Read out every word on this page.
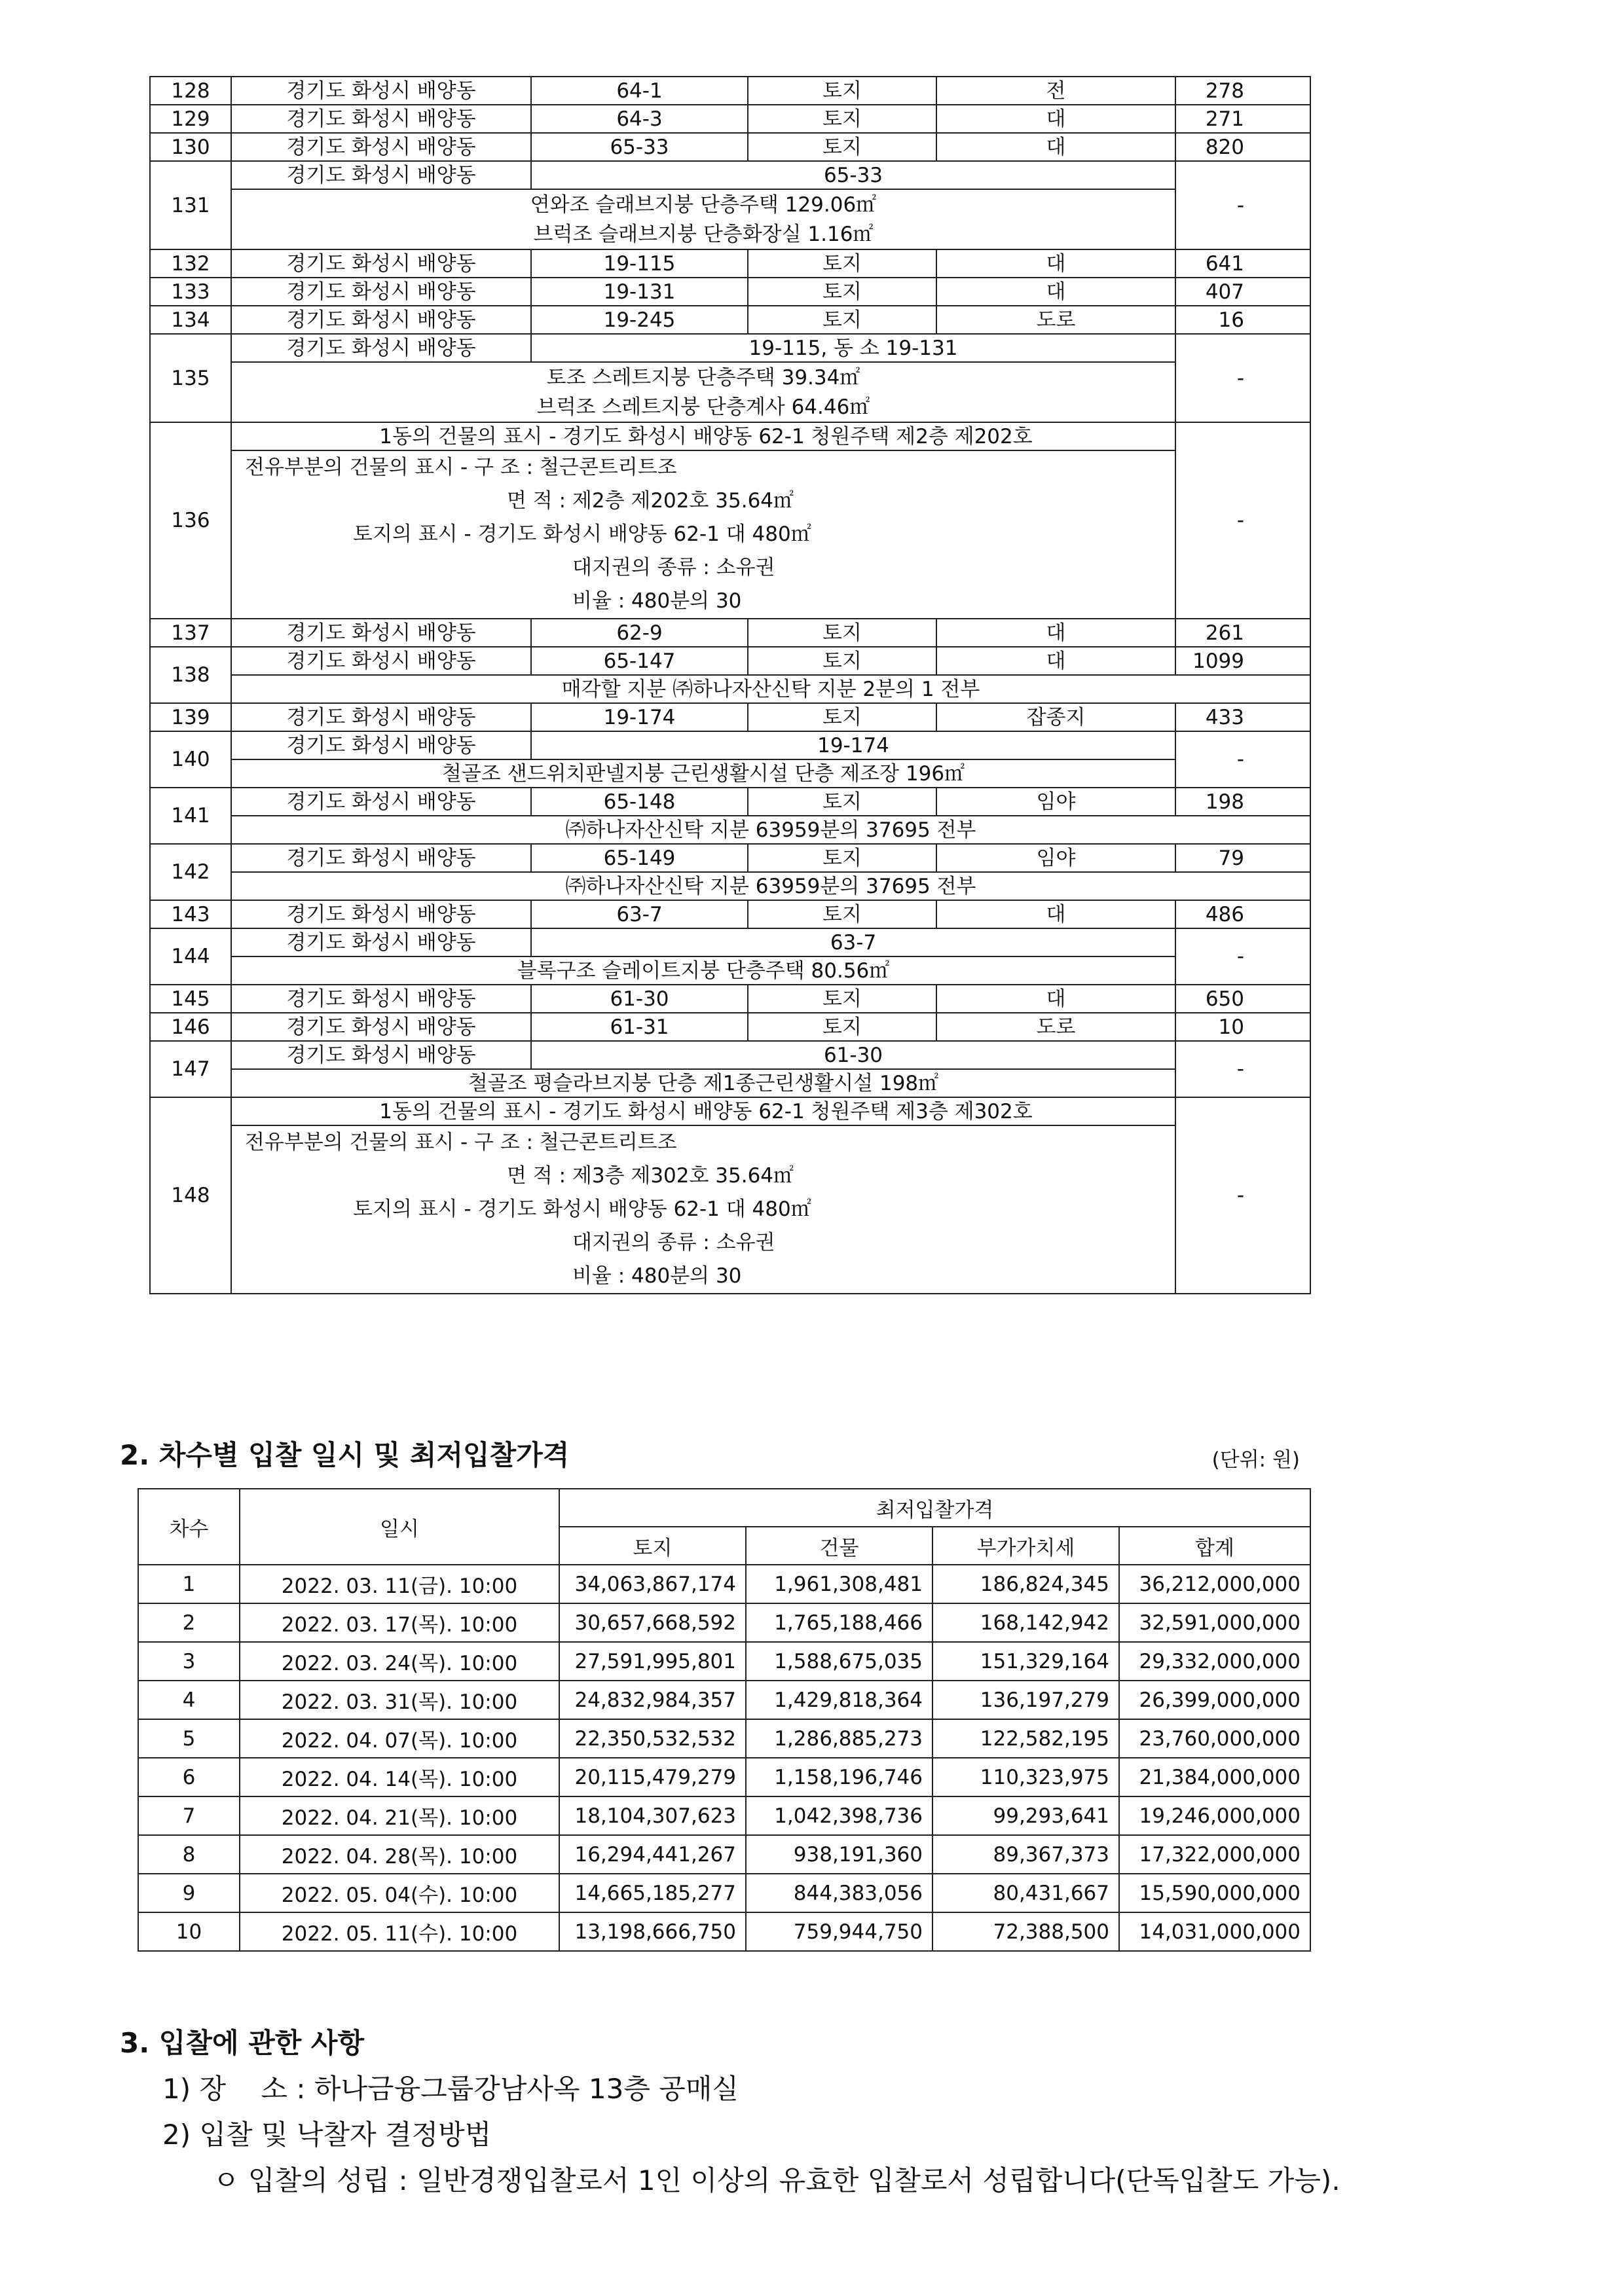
128	경기도 화성시 배양동	64-1	토지	전	278
129	경기도 화성시 배양동	64-3	토지	대	271
130	경기도 화성시 배양동	65-33	토지	대	820
131	경기도 화성시 배양동	65-33			-
	연와조 슬래브지붕 단층주택 129.06㎡				
	브럭조 슬래브지붕 단층화장실 1.16㎡				
132	경기도 화성시 배양동	19-115	토지	대	641
133	경기도 화성시 배양동	19-131	토지	대	407
134	경기도 화성시 배양동	19-245	토지	도로	16
135	경기도 화성시 배양동	19-115, 동 소 19-131			-
	토조 스레트지붕 단층주택 39.34㎡				
	브럭조 스레트지붕 단층계사 64.46㎡				
136	1동의 건물의 표시 - 경기도 화성시 배양동 62-1 청원주택 제2층 제202호				-

	전유부분의 건물의 표시 - 구 조 : 철근콘트리트조
면 적 : 제2층 제202호 35.64㎡
토지의 표시 - 경기도 화성시 배양동 62-1 대 480㎡
대지권의 종류 : 소유권
비율 : 480분의 30				

137	경기도 화성시 배양동	62-9	토지	대	261
138	경기도 화성시 배양동	65-147	토지	대	1099
	매각할 지분 ㈜하나자산신탁 지분 2분의 1 전부				
139	경기도 화성시 배양동	19-174	토지	잡종지	433
140	경기도 화성시 배양동	19-174			-
	철골조 샌드위치판넬지붕 근린생활시설 단층 제조장 196㎡				
141	경기도 화성시 배양동	65-148	토지	임야	198
	㈜하나자산신탁 지분 63959분의 37695 전부				
142	경기도 화성시 배양동	65-149	토지	임야	79
	㈜하나자산신탁 지분 63959분의 37695 전부				
143	경기도 화성시 배양동	63-7	토지	대	486
144	경기도 화성시 배양동	63-7			-
	블록구조 슬레이트지붕 단층주택 80.56㎡				
145	경기도 화성시 배양동	61-30	토지	대	650
146	경기도 화성시 배양동	61-31	토지	도로	10
147	경기도 화성시 배양동	61-30			-
	철골조 평슬라브지붕 단층 제1종근린생활시설 198㎡				
148	1동의 건물의 표시 - 경기도 화성시 배양동 62-1 청원주택 제3층 제302호				-

	전유부분의 건물의 표시 - 구 조 : 철근콘트리트조
면 적 : 제3층 제302호 35.64㎡
토지의 표시 - 경기도 화성시 배양동 62-1 대 480㎡
대지권의 종류 : 소유권
비율 : 480분의 30				
2. 차수별 입찰 일시 및 최저입찰가격	(단위: 원)
차수	일시	최저입찰가격			
		토지	건물	부가가치세	합계
1	2022. 03. 11(금). 10:00	34,063,867,174	1,961,308,481	186,824,345	36,212,000,000
2	2022. 03. 17(목). 10:00	30,657,668,592	1,765,188,466	168,142,942	32,591,000,000
3	2022. 03. 24(목). 10:00	27,591,995,801	1,588,675,035	151,329,164	29,332,000,000
4	2022. 03. 31(목). 10:00	24,832,984,357	1,429,818,364	136,197,279	26,399,000,000
5	2022. 04. 07(목). 10:00	22,350,532,532	1,286,885,273	122,582,195	23,760,000,000
6	2022. 04. 14(목). 10:00	20,115,479,279	1,158,196,746	110,323,975	21,384,000,000
7	2022. 04. 21(목). 10:00	18,104,307,623	1,042,398,736	99,293,641	19,246,000,000
8	2022. 04. 28(목). 10:00	16,294,441,267	938,191,360	89,367,373	17,322,000,000
9	2022. 05. 04(수). 10:00	14,665,185,277	844,383,056	80,431,667	15,590,000,000
10	2022. 05. 11(수). 10:00	13,198,666,750	759,944,750	72,388,500	14,031,000,000
3. 입찰에 관한 사항
1) 장    소 : 하나금융그룹강남사옥 13층 공매실
2) 입찰 및 낙찰자 결정방법
ㅇ 입찰의 성립 : 일반경쟁입찰로서 1인 이상의 유효한 입찰로서 성립합니다(단독입찰도 가능).
